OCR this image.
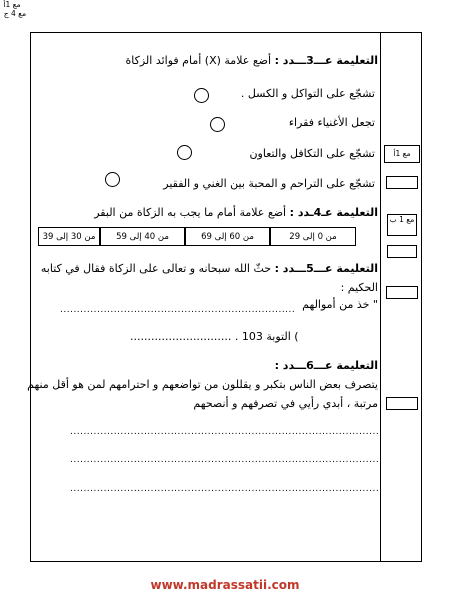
التعليمة عـــ3ـــدد : أضع علامة (X) أمام فوائد الزكاة
تشجّع على التواكل و الكسل .
تجعل الأغنياء فقراء
تشجّع على التكافل والتعاون
تشجّع على التراحم و المحبة بين الغني و الفقير
مع 1أ
التعليمة عـ4ـدد : أضع علامة أمام ما يجب به الزكاة من البقر
من 0 إلى 29
من 60 إلى 69
من 40 إلى 59
من 30 إلى 39
مع 1 ب
التعليمة عـــ5ـــدد : حثّ الله سبحانه و تعالى على الزكاة فقال في كتابه
الحكيم :
" خذ من أموالهم
......................................................................
) التوبة 103 . .............................
مع 1أ
التعليمة عـــ6ـــدد :
يتصرف بعض الناس بتكبر و يقللون من تواضعهم و احترامهم لمن هو أقل منهم
مرتبة ، أبدي رأيي في تصرفهم و أنصحهم
............................................................................................
............................................................................................
............................................................................................
مع 4 ج
www.madrassatii.com
